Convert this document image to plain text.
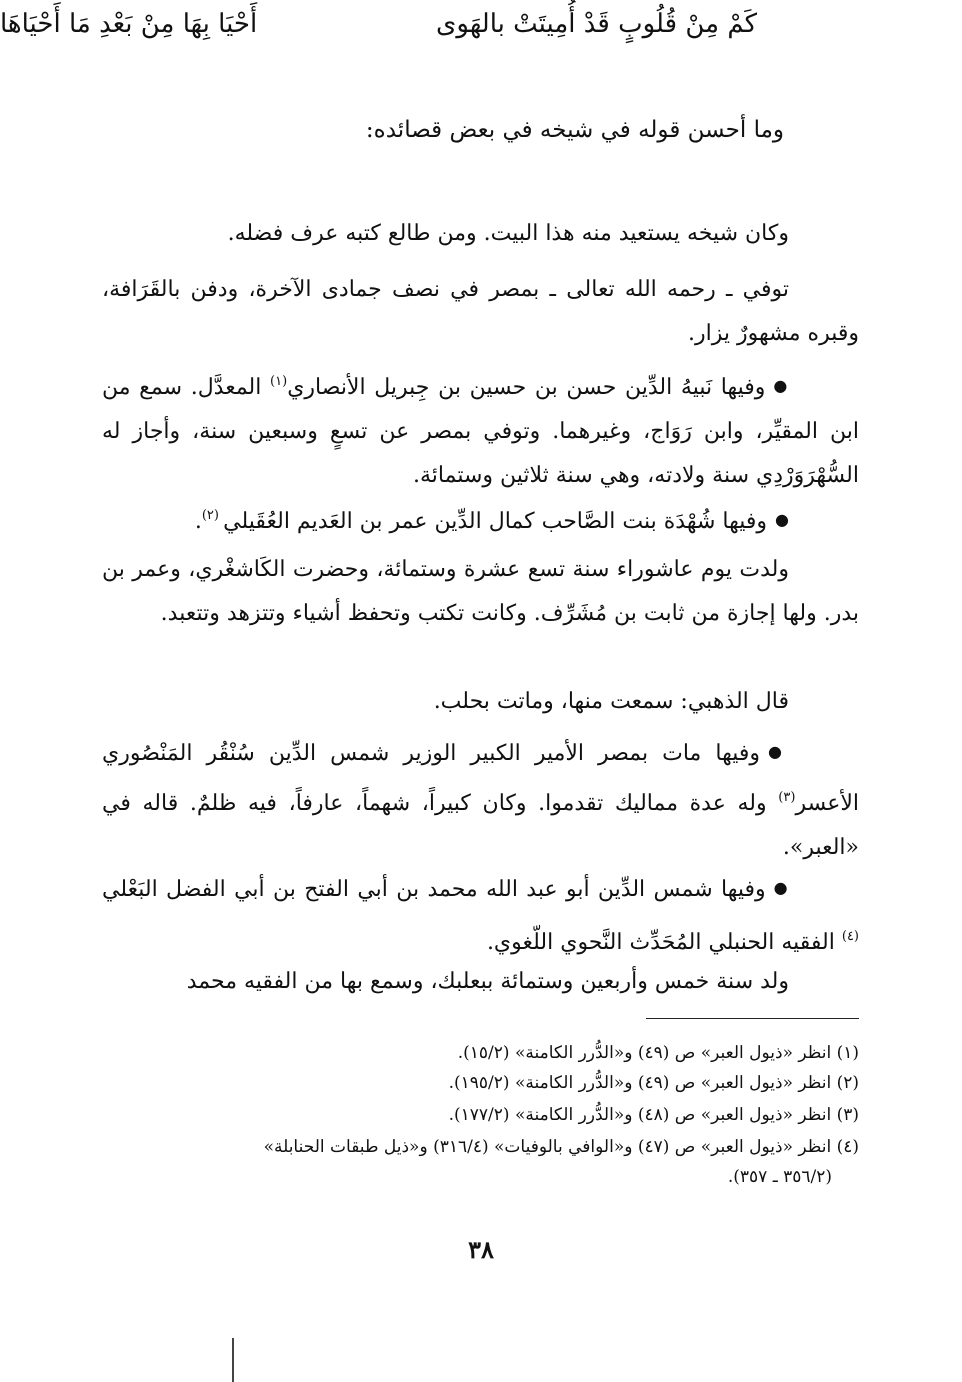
وما أحسن قوله في شيخه في بعض قصائده:

كَمْ مِنْ قُلُوبٍ قَدْ أُمِيتَتْ بالهَوى
أَحْيَا بِهَا مِنْ بَعْدِ مَا أَحْيَاهَا

وكان شيخه يستعيد منه هذا البيت. ومن طالع كتبه عرف فضله.

توفي ـ رحمه الله تعالى ـ بمصر في نصف جمادى الآخرة، ودفن بالقَرَافة، وقبره مشهورٌ يزار.

● وفيها نَبيهُ الدِّين حسن بن حسين بن جِبريل الأنصاري$^{(١)}$ المعدَّل. سمع من ابن المقيِّر، وابن رَوَاج، وغيرهما. وتوفي بمصر عن تسعٍ وسبعين سنة، وأجاز له السُّهْرَوَرْدِي سنة ولادته، وهي سنة ثلاثين وستمائة.

● وفيها شُهْدَة بنت الصَّاحب كمال الدِّين عمر بن العَديم العُقَيلي $^{(٢)}$.

ولدت يوم عاشوراء سنة تسع عشرة وستمائة، وحضرت الكَاشغْري، وعمر بن بدر. ولها إجازة من ثابت بن مُشَرِّف. وكانت تكتب وتحفظ أشياء وتتزهد وتتعبد.

قال الذهبي: سمعت منها، وماتت بحلب.

● وفيها مات بمصر الأمير الكبير الوزير شمس الدِّين سُنْقُر المَنْصُوري الأعسر$^{(٣)}$ وله عدة مماليك تقدموا. وكان كبيراً، شهماً، عارفاً، فيه ظلمٌ. قاله في «العبر».

● وفيها شمس الدِّين أبو عبد الله محمد بن أبي الفتح بن أبي الفضل البَعْلي $^{(٤)}$ الفقيه الحنبلي المُحَدِّث النَّحوي اللّغوي.

ولد سنة خمس وأربعين وستمائة ببعلبك، وسمع بها من الفقيه محمد

(١) انظر «ذيول العبر» ص (٤٩) و«الدُّرر الكامنة» (١٥/٢).

(٢) انظر «ذيول العبر» ص (٤٩) و«الدُّرر الكامنة» (١٩٥/٢).

(٣) انظر «ذيول العبر» ص (٤٨) و«الدُّرر الكامنة» (١٧٧/٢).

(٤) انظر «ذيول العبر» ص (٤٧) و«الوافي بالوفيات» (٣١٦/٤) و«ذيل طبقات الحنابلة»

(٣٥٦/٢ ـ ٣٥٧).

٣٨
